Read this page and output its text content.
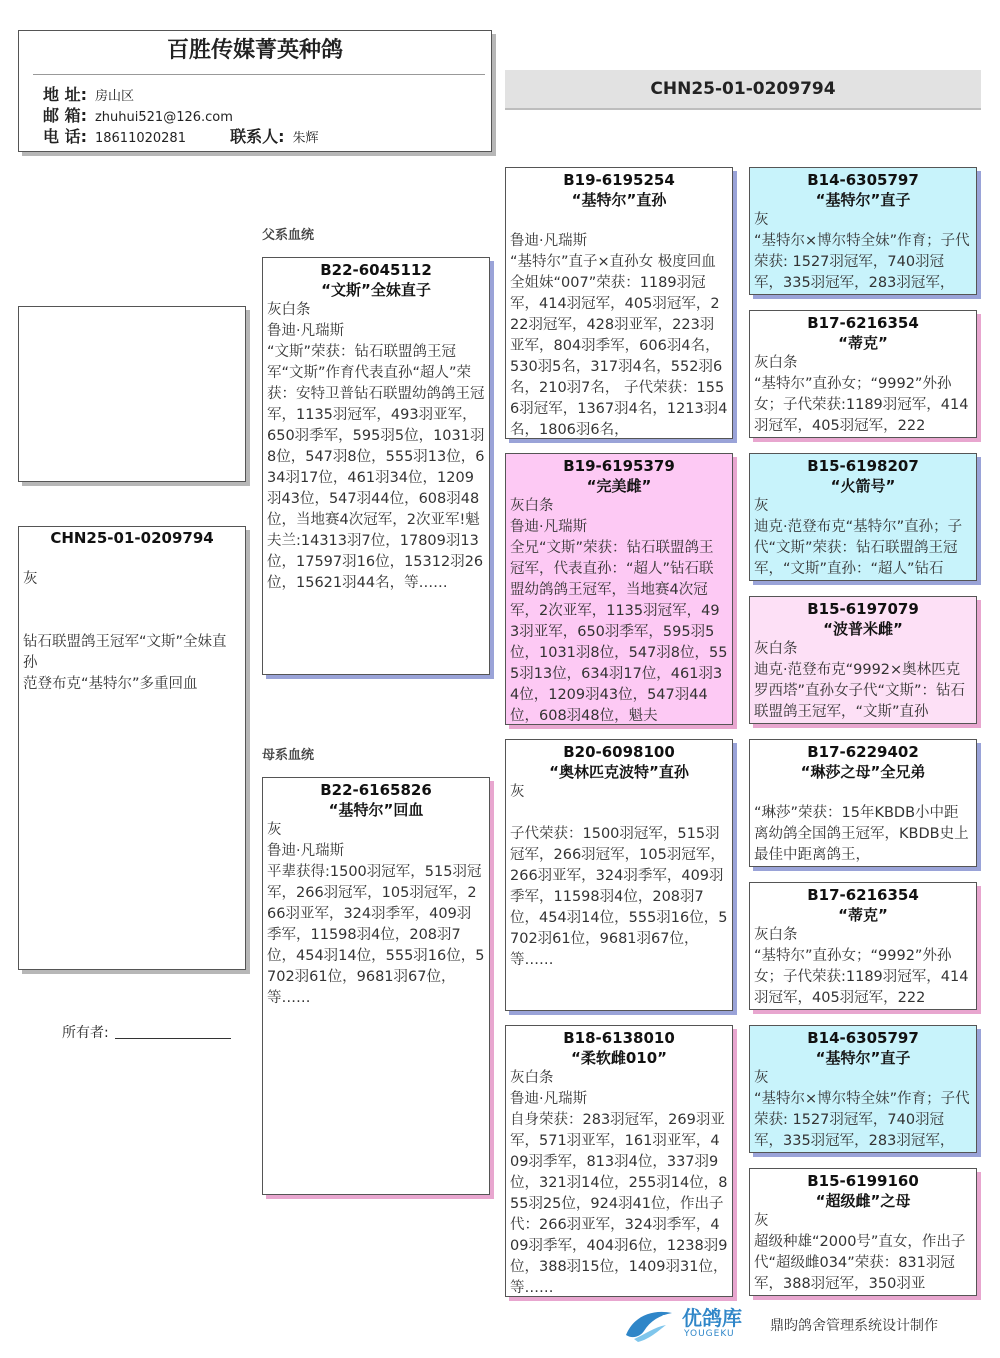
百胜传媒菁英种鸽
地 址: 房山区
邮 箱: zhuhui521@126.com
电 话: 18611020281	联系人: 朱辉
CHN25-01-0209794
CHN25-01-0209794
灰
钻石联盟鸽王冠军“文斯”全妹直孙
范登布克“基特尔”多重回血
所有者:
父系血统
母系血统
B22-6045112
“文斯”全妹直子
灰白条
鲁迪·凡瑞斯
“文斯”荣获：钻石联盟鸽王冠军“文斯”作育代表直孙“超人”荣获：安特卫普钻石联盟幼鸽鸽王冠军，1135羽冠军，493羽亚军，650羽季军，595羽5位，1031羽8位，547羽8位，555羽13位，634羽17位，461羽34位，1209羽43位，547羽44位，608羽48位，当地赛4次冠军，2次亚军!魁夫兰:14313羽7位，17809羽13位，17597羽16位，15312羽26位，15621羽44名，等……
B22-6165826
“基特尔”回血
灰
鲁迪·凡瑞斯
平辈获得:1500羽冠军，515羽冠军，266羽冠军，105羽冠军，266羽亚军，324羽季军，409羽季军，11598羽4位，208羽7位，454羽14位，555羽16位，5702羽61位，9681羽67位，等……
B19-6195254
“基特尔”直孙
鲁迪·凡瑞斯
“基特尔”直子×直孙女 极度回血 全姐妹“007”荣获：1189羽冠军，414羽冠军，405羽冠军，222羽冠军，428羽亚军，223羽亚军，804羽季军，606羽4名，530羽5名，317羽4名，552羽6名，210羽7名， 子代荣获：1556羽冠军，1367羽4名，1213羽4名，1806羽6名，
B19-6195379
“完美雌”
灰白条
鲁迪·凡瑞斯
全兄“文斯”荣获：钻石联盟鸽王冠军，代表直孙：“超人”钻石联盟幼鸽鸽王冠军，当地赛4次冠军，2次亚军，1135羽冠军，493羽亚军，650羽季军，595羽5位，1031羽8位，547羽8位，555羽13位，634羽17位，461羽34位，1209羽43位，547羽44位，608羽48位，魁夫
B20-6098100
“奥林匹克波特”直孙
灰
子代荣获：1500羽冠军，515羽冠军，266羽冠军，105羽冠军，266羽亚军，324羽季军，409羽季军，11598羽4位，208羽7位，454羽14位，555羽16位，5702羽61位，9681羽67位，等……
B18-6138010
“柔软雌010”
灰白条
鲁迪·凡瑞斯
自身荣获：283羽冠军，269羽亚军，571羽亚军，161羽亚军，409羽季军，813羽4位，337羽9位，321羽14位，255羽14位，855羽25位，924羽41位，作出子代：266羽亚军，324羽季军，409羽季军，404羽6位，1238羽9位，388羽15位，1409羽31位，等……
B14-6305797
“基特尔”直子
灰
“基特尔×博尔特全妹”作育；子代荣获: 1527羽冠军，740羽冠军，335羽冠军，283羽冠军，
B17-6216354
“蒂克”
灰白条
“基特尔”直孙女；“9992”外孙女；子代荣获:1189羽冠军，414羽冠军，405羽冠军，222
B15-6198207
“火箭号”
灰
迪克·范登布克“基特尔”直孙；子代“文斯”荣获：钻石联盟鸽王冠军，“文斯”直孙：“超人”钻石
B15-6197079
“波普米雌”
灰白条
迪克·范登布克“9992×奥林匹克罗西塔”直孙女子代“文斯”：钻石联盟鸽王冠军，“文斯”直孙
B17-6229402
“琳莎之母”全兄弟
“琳莎”荣获：15年KBDB小中距离幼鸽全国鸽王冠军，KBDB史上最佳中距离鸽王，
B17-6216354
“蒂克”
灰白条
“基特尔”直孙女；“9992”外孙女；子代荣获:1189羽冠军，414羽冠军，405羽冠军，222
B14-6305797
“基特尔”直子
灰
“基特尔×博尔特全妹”作育；子代荣获: 1527羽冠军，740羽冠军，335羽冠军，283羽冠军，
B15-6199160
“超级雌”之母
灰
超级种雄“2000号”直女，作出子代“超级雌034”荣获：831羽冠军，388羽冠军，350羽亚
优鸽库
YOUGEKU	鼎昀鸽舍管理系统设计制作
